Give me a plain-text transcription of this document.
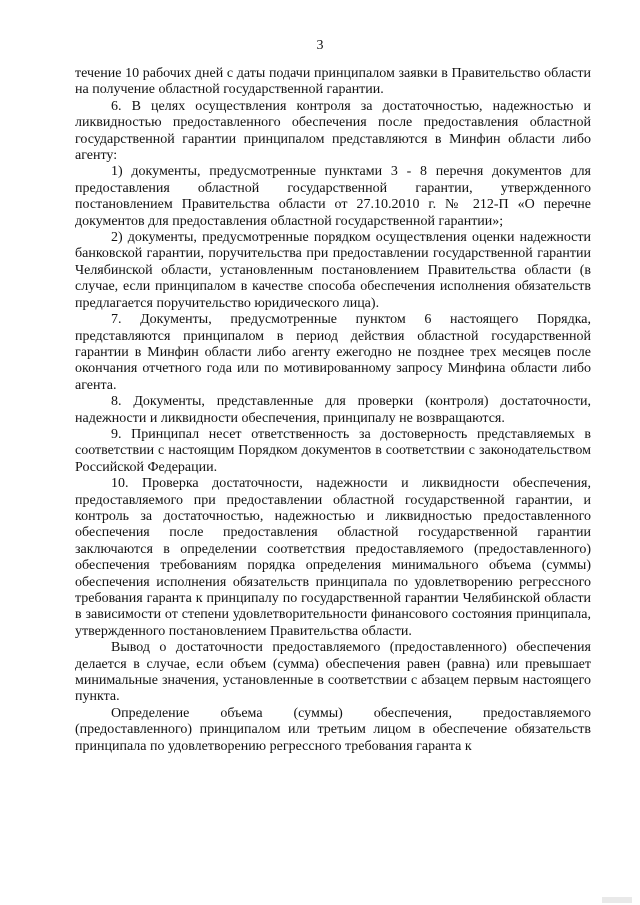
3

течение 10 рабочих дней с даты подачи принципалом заявки в Правительство области на получение областной государственной гарантии.

6. В целях осуществления контроля за достаточностью, надежностью и ликвидностью предоставленного обеспечения после предоставления областной государственной гарантии принципалом представляются в Минфин области либо агенту:

1) документы, предусмотренные пунктами 3 - 8 перечня документов для предоставления областной государственной гарантии, утвержденного постановлением Правительства области от 27.10.2010 г. № 212-П «О перечне документов для предоставления областной государственной гарантии»;

2) документы, предусмотренные порядком осуществления оценки надежности банковской гарантии, поручительства при предоставлении государственной гарантии Челябинской области, установленным постановлением Правительства области (в случае, если принципалом в качестве способа обеспечения исполнения обязательств предлагается поручительство юридического лица).

7. Документы, предусмотренные пунктом 6 настоящего Порядка, представляются принципалом в период действия областной государственной гарантии в Минфин области либо агенту ежегодно не позднее трех месяцев после окончания отчетного года или по мотивированному запросу Минфина области либо агента.

8. Документы, представленные для проверки (контроля) достаточности, надежности и ликвидности обеспечения, принципалу не возвращаются.

9. Принципал несет ответственность за достоверность представляемых в соответствии с настоящим Порядком документов в соответствии с законодательством Российской Федерации.

10. Проверка достаточности, надежности и ликвидности обеспечения, предоставляемого при предоставлении областной государственной гарантии, и контроль за достаточностью, надежностью и ликвидностью предоставленного обеспечения после предоставления областной государственной гарантии заключаются в определении соответствия предоставляемого (предоставленного) обеспечения требованиям порядка определения минимального объема (суммы) обеспечения исполнения обязательств принципала по удовлетворению регрессного требования гаранта к принципалу по государственной гарантии Челябинской области в зависимости от степени удовлетворительности финансового состояния принципала, утвержденного постановлением Правительства области.

Вывод о достаточности предоставляемого (предоставленного) обеспечения делается в случае, если объем (сумма) обеспечения равен (равна) или превышает минимальные значения, установленные в соответствии с абзацем первым настоящего пункта.

Определение объема (суммы) обеспечения, предоставляемого (предоставленного) принципалом или третьим лицом в обеспечение обязательств принципала по удовлетворению регрессного требования гаранта к
